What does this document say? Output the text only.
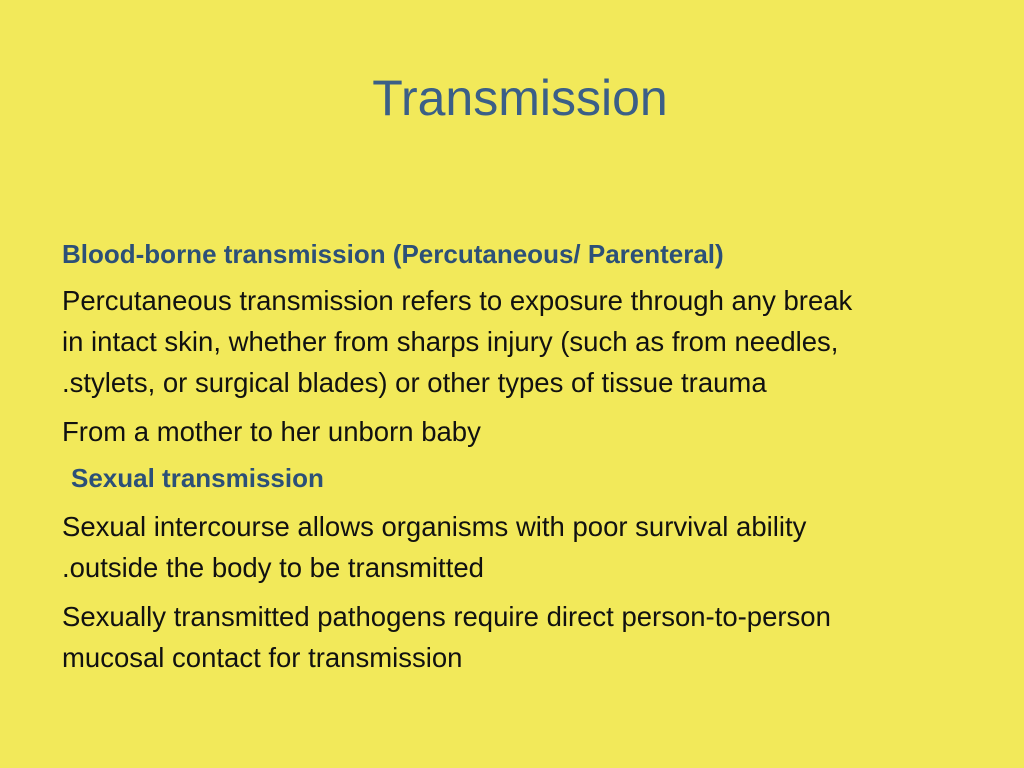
Transmission
Blood-borne transmission (Percutaneous/ Parenteral)

Percutaneous transmission refers to exposure through any break
in intact skin, whether from sharps injury (such as from needles,
.stylets, or surgical blades) or other types of tissue trauma

From a mother to her unborn baby

Sexual transmission

Sexual intercourse allows organisms with poor survival ability
.outside the body to be transmitted

Sexually transmitted pathogens require direct person-to-person
mucosal contact for transmission
